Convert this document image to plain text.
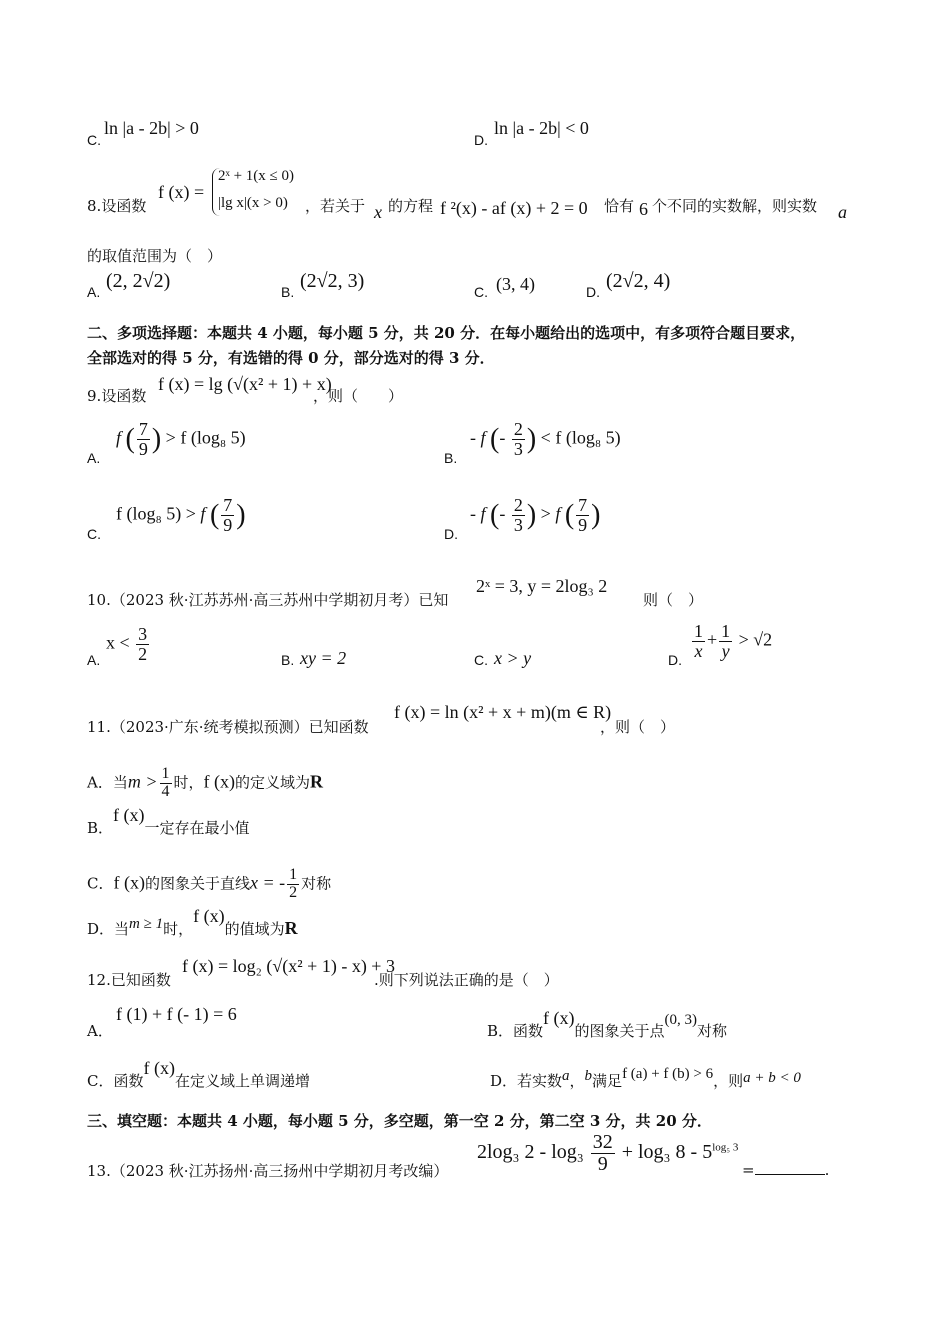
C.
ln |a - 2b| > 0
D.
ln |a - 2b| < 0
8.设函数
f (x) =
2ˣ + 1(x ≤ 0)
|lg x|(x > 0) ，若关于 x 的方程 f ²(x) - af (x) + 2 = 0 恰有 6 个不同的实数解，则实数 a
的取值范围为（　）
A. (2, 2√2)	B. (2√2, 3)	C. (3, 4)	D. (2√2, 4)
二、多项选择题：本题共 4 小题，每小题 5 分，共 20 分．在每小题给出的选项中，有多项符合题目要求，
全部选对的得 5 分，有选错的得 0 分，部分选对的得 3 分．
9.设函数
f (x) = lg (√(x² + 1) + x)
，则（　　）
A.
f ( $\frac{7}{9}$ ) > f (log₈ 5)
B.
- f (- $\frac{2}{3}$ ) < f (log₈ 5)
C.
f (log₈ 5) > f ( $\frac{7}{9}$ )
D.
- f (- $\frac{2}{3}$ ) > f ( $\frac{7}{9}$ )
10.（2023 秋·江苏苏州·高三苏州中学期初月考）已知
2ˣ = 3, y = 2log₃ 2
则（　）
A.
$x < \frac{3}{2}$	B. xy = 2	C. x > y	D. $\frac{1}{x} + \frac{1}{y} > √2$
11.（2023·广东·统考模拟预测）已知函数
f (x) = ln (x² + x + m)(m ∈ R)
，则（　）
A．当$m > \frac{1}{4}$ 时，f (x)的定义域为R
B．f (x)一定存在最小值
C．f (x)的图象关于直线x = - $\frac{1}{2}$ 对称
D．当m ≥ 1时，f (x)的值域为R
12.已知函数
f (x) = log₂ (√(x² + 1) - x) + 3
.则下列说法正确的是（　）
A．
f (1) + f (- 1) = 6
B．函数f (x)的图象关于点(0, 3)对称
C．函数f (x)在定义域上单调递增	D．若实数a，b满足f (a) + f (b) > 6，则a + b < 0
三、填空题：本题共 4 小题，每小题 5 分，多空题，第一空 2 分，第二空 3 分，共 20 分．
13.（2023 秋·江苏扬州·高三扬州中学期初月考改编）
2log₃ $2 - \log_3 \frac{32}{9} + \log_3$ $8 - 5^{log_5 3}$
=	.
